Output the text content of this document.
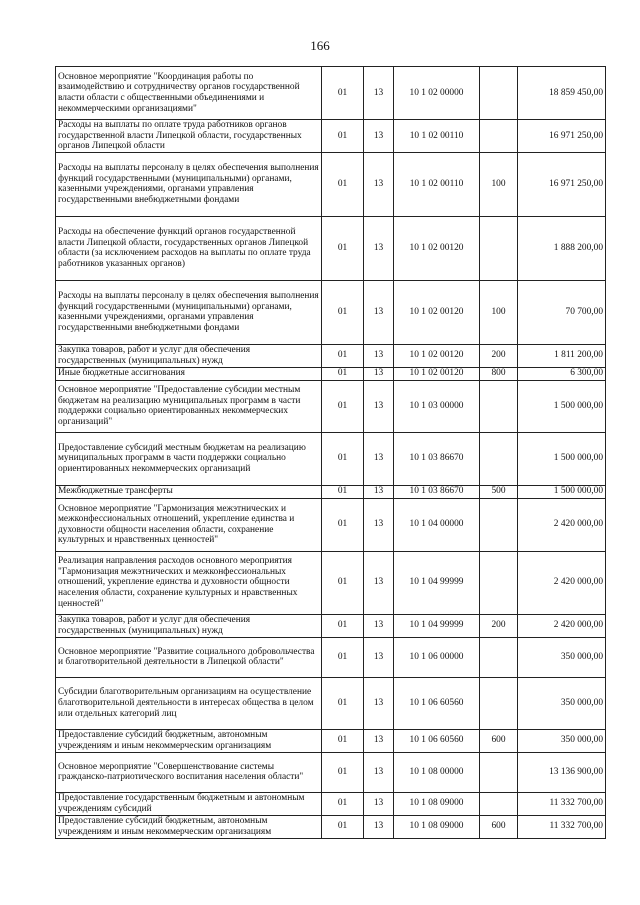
166
Основное мероприятие "Координация работы по взаимодействию и сотрудничеству органов государственной власти области с общественными объединениями и некоммерческими организациями"	01	13	10 1 02 00000		18 859 450,00
Расходы на выплаты по оплате труда работников органов государственной власти Липецкой области, государственных органов Липецкой области	01	13	10 1 02 00110		16 971 250,00
Расходы на выплаты персоналу в целях обеспечения выполнения функций государственными (муниципальными) органами, казенными учреждениями, органами управления государственными внебюджетными фондами	01	13	10 1 02 00110	100	16 971 250,00
Расходы на обеспечение функций органов государственной власти Липецкой области, государственных органов Липецкой области (за исключением расходов на выплаты по оплате труда работников указанных органов)	01	13	10 1 02 00120		1 888 200,00
Расходы на выплаты персоналу в целях обеспечения выполнения функций государственными (муниципальными) органами, казенными учреждениями, органами управления государственными внебюджетными фондами	01	13	10 1 02 00120	100	70 700,00
Закупка товаров, работ и услуг для обеспечения государственных (муниципальных) нужд	01	13	10 1 02 00120	200	1 811 200,00
Иные бюджетные ассигнования	01	13	10 1 02 00120	800	6 300,00
Основное мероприятие "Предоставление субсидии местным бюджетам на реализацию муниципальных программ в части поддержки социально ориентированных некоммерческих организаций"	01	13	10 1 03 00000		1 500 000,00
Предоставление субсидий местным бюджетам на реализацию муниципальных программ в части поддержки социально ориентированных некоммерческих организаций	01	13	10 1 03 86670		1 500 000,00
Межбюджетные трансферты	01	13	10 1 03 86670	500	1 500 000,00
Основное мероприятие "Гармонизация межэтнических и межконфессиональных отношений, укрепление единства и духовности общности населения области, сохранение культурных и нравственных ценностей"	01	13	10 1 04 00000		2 420 000,00
Реализация направления расходов основного мероприятия "Гармонизация межэтнических и межконфессиональных отношений, укрепление единства и духовности общности населения области, сохранение культурных и нравственных ценностей"	01	13	10 1 04 99999		2 420 000,00
Закупка товаров, работ и услуг для обеспечения государственных (муниципальных) нужд	01	13	10 1 04 99999	200	2 420 000,00
Основное мероприятие "Развитие социального добровольчества и благотворительной деятельности в Липецкой области"	01	13	10 1 06 00000		350 000,00
Субсидии благотворительным организациям на осуществление благотворительной деятельности в интересах общества в целом или отдельных категорий лиц	01	13	10 1 06 60560		350 000,00
Предоставление субсидий бюджетным, автономным учреждениям и иным некоммерческим организациям	01	13	10 1 06 60560	600	350 000,00
Основное мероприятие "Совершенствование системы гражданско-патриотического воспитания населения области"	01	13	10 1 08 00000		13 136 900,00
Предоставление государственным бюджетным и автономным учреждениям субсидий	01	13	10 1 08 09000		11 332 700,00
Предоставление субсидий бюджетным, автономным учреждениям и иным некоммерческим организациям	01	13	10 1 08 09000	600	11 332 700,00
